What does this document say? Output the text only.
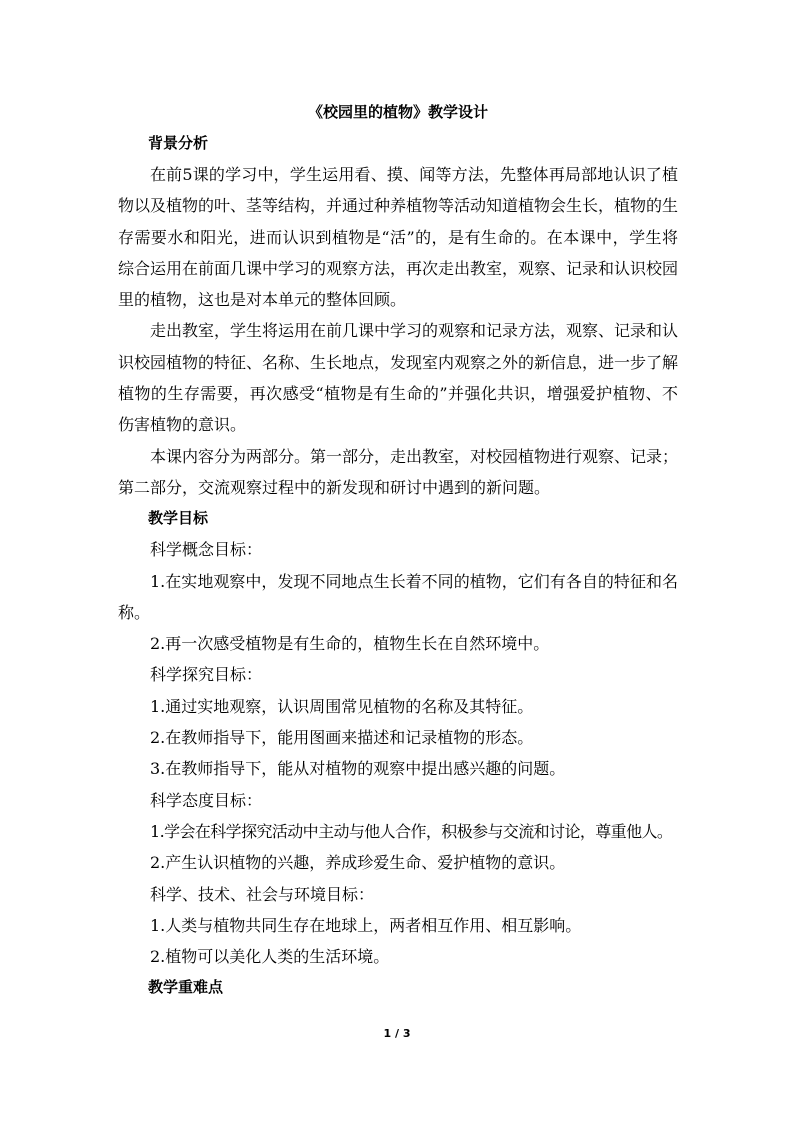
《校园里的植物》教学设计

背景分析

在前5课的学习中，学生运用看、摸、闻等方法，先整体再局部地认识了植物以及植物的叶、茎等结构，并通过种养植物等活动知道植物会生长，植物的生存需要水和阳光，进而认识到植物是“活”的，是有生命的。在本课中，学生将综合运用在前面几课中学习的观察方法，再次走出教室，观察、记录和认识校园里的植物，这也是对本单元的整体回顾。

走出教室，学生将运用在前几课中学习的观察和记录方法，观察、记录和认识校园植物的特征、名称、生长地点，发现室内观察之外的新信息，进一步了解植物的生存需要，再次感受“植物是有生命的”并强化共识，增强爱护植物、不伤害植物的意识。

本课内容分为两部分。第一部分，走出教室，对校园植物进行观察、记录；第二部分，交流观察过程中的新发现和研讨中遇到的新问题。

教学目标

科学概念目标：

1.在实地观察中，发现不同地点生长着不同的植物，它们有各自的特征和名称。

2.再一次感受植物是有生命的，植物生长在自然环境中。

科学探究目标：

1.通过实地观察，认识周围常见植物的名称及其特征。

2.在教师指导下，能用图画来描述和记录植物的形态。

3.在教师指导下，能从对植物的观察中提出感兴趣的问题。

科学态度目标：

1.学会在科学探究活动中主动与他人合作，积极参与交流和讨论，尊重他人。

2.产生认识植物的兴趣，养成珍爱生命、爱护植物的意识。

科学、技术、社会与环境目标：

1.人类与植物共同生存在地球上，两者相互作用、相互影响。

2.植物可以美化人类的生活环境。

教学重难点

1 / 3
